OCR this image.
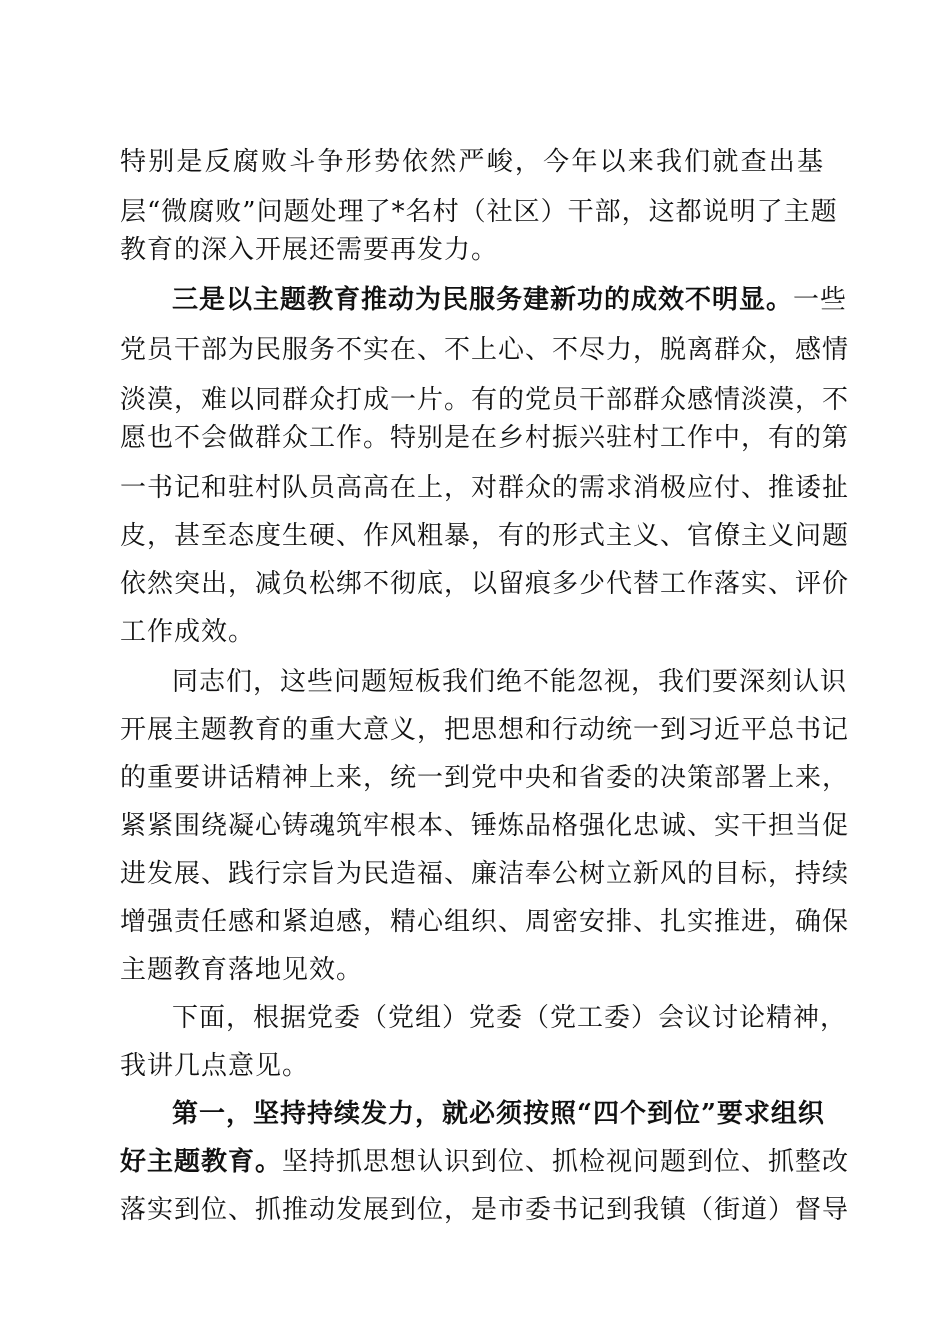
特别是反腐败斗争形势依然严峻，今年以来我们就查出基
层“微腐败”问题处理了*名村（社区）干部，这都说明了主题
教育的深入开展还需要再发力。
三是以主题教育推动为民服务建新功的成效不明显。一些
党员干部为民服务不实在、不上心、不尽力，脱离群众，感情
淡漠，难以同群众打成一片。有的党员干部群众感情淡漠，不
愿也不会做群众工作。特别是在乡村振兴驻村工作中，有的第
一书记和驻村队员高高在上，对群众的需求消极应付、推诿扯
皮，甚至态度生硬、作风粗暴，有的形式主义、官僚主义问题
依然突出，减负松绑不彻底，以留痕多少代替工作落实、评价
工作成效。
同志们，这些问题短板我们绝不能忽视，我们要深刻认识
开展主题教育的重大意义，把思想和行动统一到习近平总书记
的重要讲话精神上来，统一到党中央和省委的决策部署上来，
紧紧围绕凝心铸魂筑牢根本、锤炼品格强化忠诚、实干担当促
进发展、践行宗旨为民造福、廉洁奉公树立新风的目标，持续
增强责任感和紧迫感，精心组织、周密安排、扎实推进，确保
主题教育落地见效。
下面，根据党委（党组）党委（党工委）会议讨论精神，
我讲几点意见。
第一，坚持持续发力，就必须按照“四个到位”要求组织
好主题教育。坚持抓思想认识到位、抓检视问题到位、抓整改
落实到位、抓推动发展到位，是市委书记到我镇（街道）督导
